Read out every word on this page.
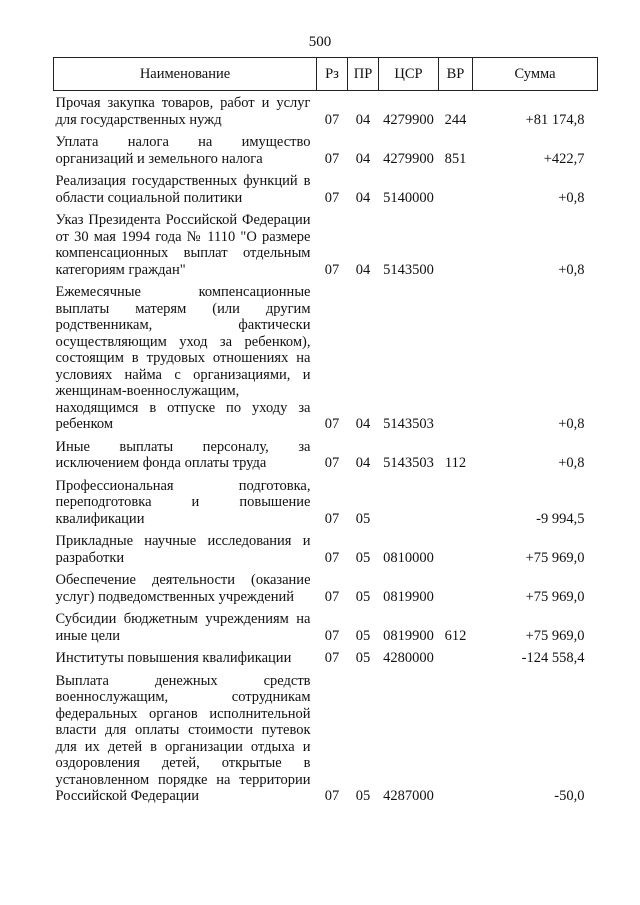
500
Наименование	Рз	ПР	ЦСР	ВР	Сумма
Прочая закупка товаров, работ и услуг для государственных нужд	07	04	4279900	244	+81 174,8
Уплата налога на имущество организаций и земельного налога	07	04	4279900	851	+422,7
Реализация государственных функций в области социальной политики	07	04	5140000		+0,8
Указ Президента Российской Федерации от 30 мая 1994 года № 1110 "О размере компенсационных выплат отдельным категориям граждан"	07	04	5143500		+0,8
Ежемесячные компенсационные выплаты матерям (или другим родственникам, фактически осуществляющим уход за ребенком), состоящим в трудовых отношениях на условиях найма с организациями, и женщинам-военнослужащим, находящимся в отпуске по уходу за ребенком	07	04	5143503		+0,8
Иные выплаты персоналу, за исключением фонда оплаты труда	07	04	5143503	112	+0,8
Профессиональная подготовка, переподготовка и повышение квалификации	07	05			-9 994,5
Прикладные научные исследования и разработки	07	05	0810000		+75 969,0
Обеспечение деятельности (оказание услуг) подведомственных учреждений	07	05	0819900		+75 969,0
Субсидии бюджетным учреждениям на иные цели	07	05	0819900	612	+75 969,0
Институты повышения квалификации	07	05	4280000		-124 558,4
Выплата денежных средств военнослужащим, сотрудникам федеральных органов исполнительной власти для оплаты стоимости путевок для их детей в организации отдыха и оздоровления детей, открытые в установленном порядке на территории Российской Федерации	07	05	4287000		-50,0
